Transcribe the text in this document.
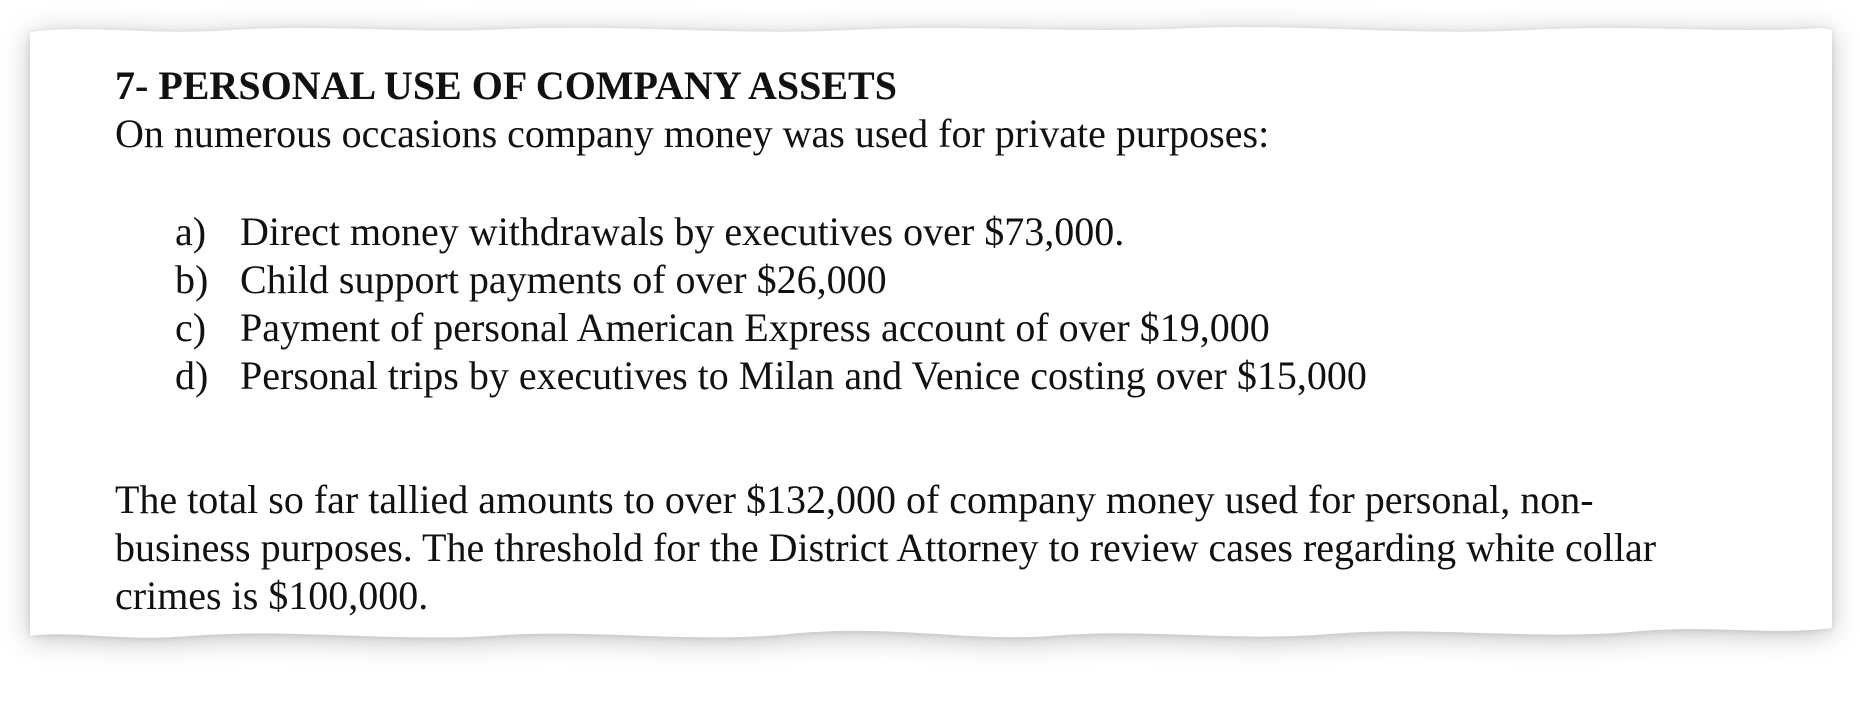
7- PERSONAL USE OF COMPANY ASSETS
On numerous occasions company money was used for private purposes:
a) Direct money withdrawals by executives over $73,000.
b) Child support payments of over $26,000
c) Payment of personal American Express account of over $19,000
d) Personal trips by executives to Milan and Venice costing over $15,000
The total so far tallied amounts to over $132,000 of company money used for personal, non-
business purposes. The threshold for the District Attorney to review cases regarding white collar
crimes is $100,000.
